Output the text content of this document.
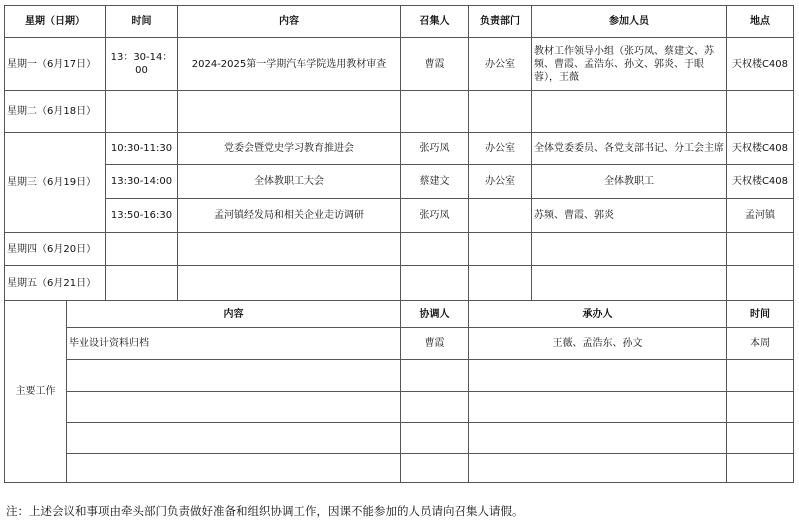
星期（日期）		时间	内容	召集人	负责部门	参加人员	地点
星期一（6月17日）		13：30-14：00	2024-2025第一学期汽车学院选用教材审查	曹霞	办公室	教材工作领导小组（张巧凤、蔡建文、苏频、曹霞、孟浩东、孙文、郭炎、于眼蓉），王薇	天权楼C408
星期二（6月18日）							
星期三（6月19日）		10:30-11:30	党委会暨党史学习教育推进会	张巧凤	办公室	全体党委委员、各党支部书记、分工会主席	天权楼C408
		13:30-14:00	全体教职工大会	蔡建文	办公室	全体教职工	天权楼C408
		13:50-16:30	孟河镇经发局和相关企业走访调研	张巧凤		苏频、曹霞、郭炎	孟河镇
星期四（6月20日）							
星期五（6月21日）							
主要工作	内容			协调人	承办人		时间
	毕业设计资料归档			曹霞	王薇、孟浩东、孙文		本周

注：上述会议和事项由牵头部门负责做好准备和组织协调工作，因课不能参加的人员请向召集人请假。
